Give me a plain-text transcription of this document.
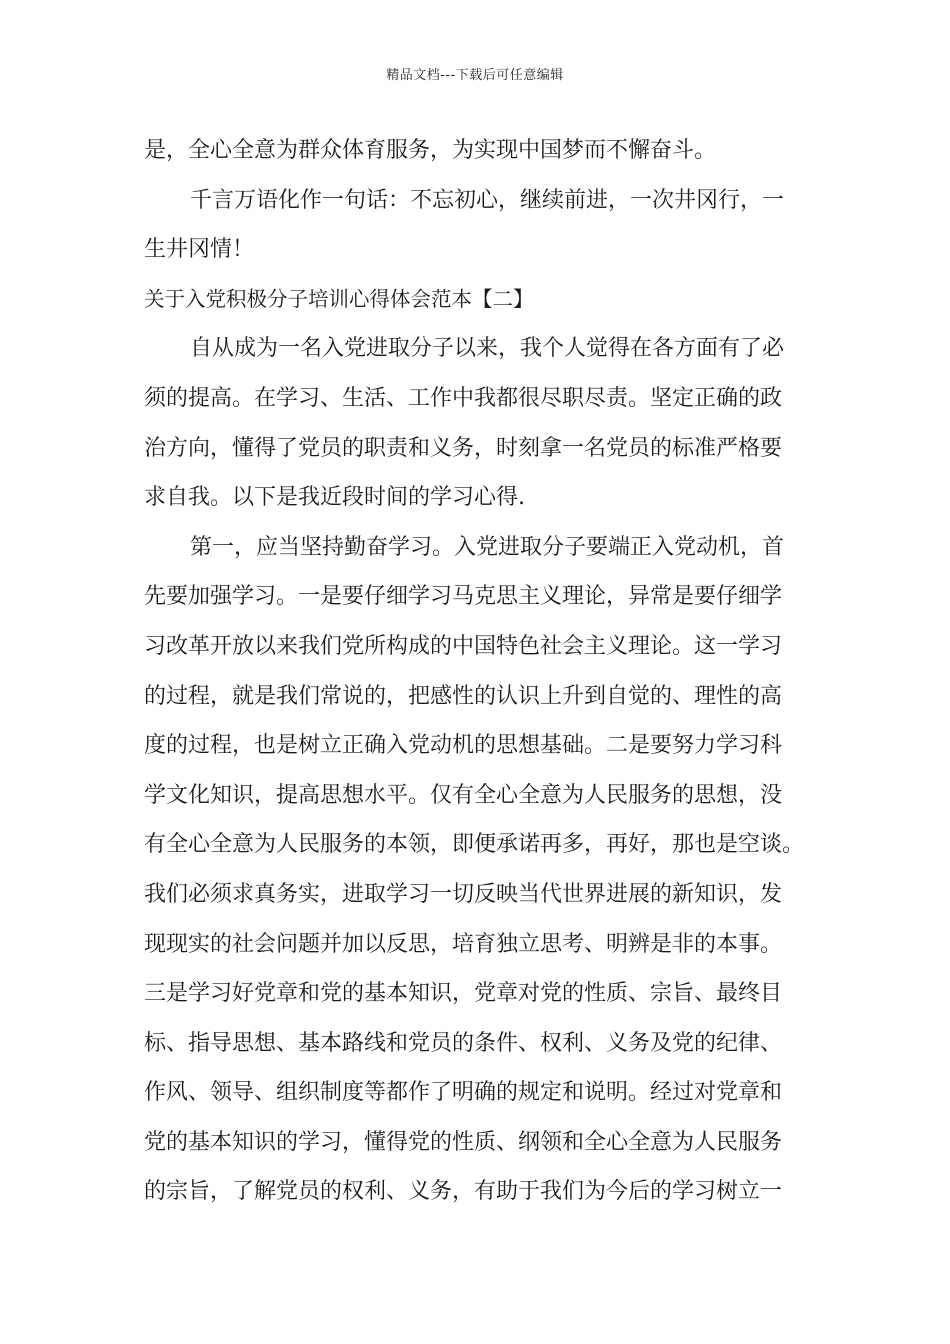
精品文档---下载后可任意编辑
是，全心全意为群众体育服务，为实现中国梦而不懈奋斗。
千言万语化作一句话：不忘初心，继续前进，一次井冈行，一
生井冈情！
关于入党积极分子培训心得体会范本【二】
自从成为一名入党进取分子以来，我个人觉得在各方面有了必
须的提高。在学习、生活、工作中我都很尽职尽责。坚定正确的政
治方向，懂得了党员的职责和义务，时刻拿一名党员的标准严格要
求自我。以下是我近段时间的学习心得.
第一，应当坚持勤奋学习。入党进取分子要端正入党动机，首
先要加强学习。一是要仔细学习马克思主义理论，异常是要仔细学
习改革开放以来我们党所构成的中国特色社会主义理论。这一学习
的过程，就是我们常说的，把感性的认识上升到自觉的、理性的高
度的过程，也是树立正确入党动机的思想基础。二是要努力学习科
学文化知识，提高思想水平。仅有全心全意为人民服务的思想，没
有全心全意为人民服务的本领，即便承诺再多，再好，那也是空谈。
我们必须求真务实，进取学习一切反映当代世界进展的新知识，发
现现实的社会问题并加以反思，培育独立思考、明辨是非的本事。
三是学习好党章和党的基本知识，党章对党的性质、宗旨、最终目
标、指导思想、基本路线和党员的条件、权利、义务及党的纪律、
作风、领导、组织制度等都作了明确的规定和说明。经过对党章和
党的基本知识的学习，懂得党的性质、纲领和全心全意为人民服务
的宗旨，了解党员的权利、义务，有助于我们为今后的学习树立一
